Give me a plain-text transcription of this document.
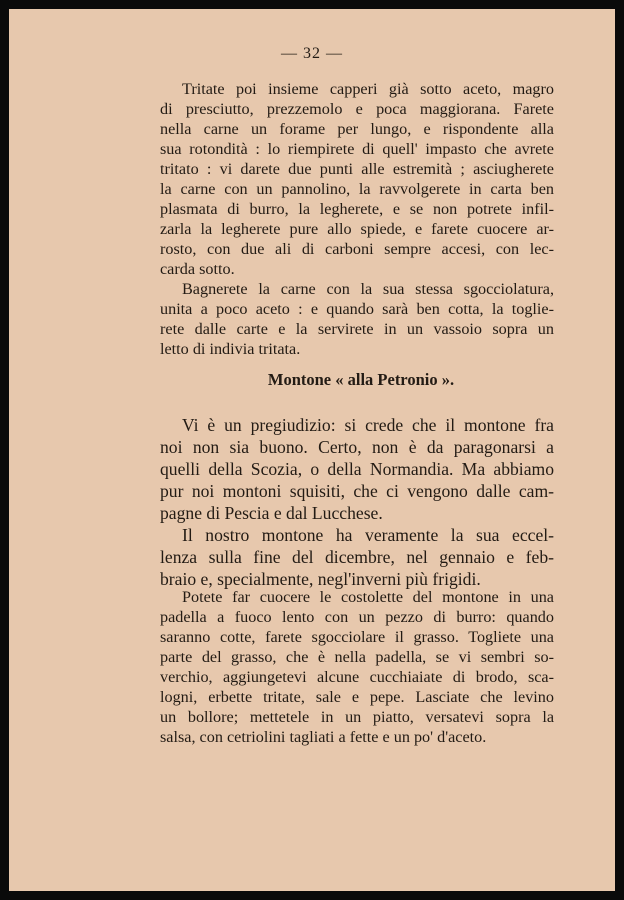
— 32 —
Tritate poi insieme capperi già sotto aceto, magro
di presciutto, prezzemolo e poca maggiorana. Farete
nella carne un forame per lungo, e rispondente alla
sua rotondità : lo riempirete di quell' impasto che avrete
tritato : vi darete due punti alle estremità ; asciugherete
la carne con un pannolino, la ravvolgerete in carta ben
plasmata di burro, la legherete, e se non potrete infil-
zarla la legherete pure allo spiede, e farete cuocere ar-
rosto, con due ali di carboni sempre accesi, con lec-
carda sotto.
Bagnerete la carne con la sua stessa sgocciolatura,
unita a poco aceto : e quando sarà ben cotta, la toglie-
rete dalle carte e la servirete in un vassoio sopra un
letto di indivia tritata.
Montone « alla Petronio ».
Vi è un pregiudizio: si crede che il montone fra
noi non sia buono. Certo, non è da paragonarsi a
quelli della Scozia, o della Normandia. Ma abbiamo
pur noi montoni squisiti, che ci vengono dalle cam-
pagne di Pescia e dal Lucchese.
Il nostro montone ha veramente la sua eccel-
lenza sulla fine del dicembre, nel gennaio e feb-
braio e, specialmente, negl'inverni più frigidi.
Potete far cuocere le costolette del montone in una
padella a fuoco lento con un pezzo di burro: quando
saranno cotte, farete sgocciolare il grasso. Togliete una
parte del grasso, che è nella padella, se vi sembri so-
verchio, aggiungetevi alcune cucchiaiate di brodo, sca-
logni, erbette tritate, sale e pepe. Lasciate che levino
un bollore; mettetele in un piatto, versatevi sopra la
salsa, con cetriolini tagliati a fette e un po' d'aceto.
